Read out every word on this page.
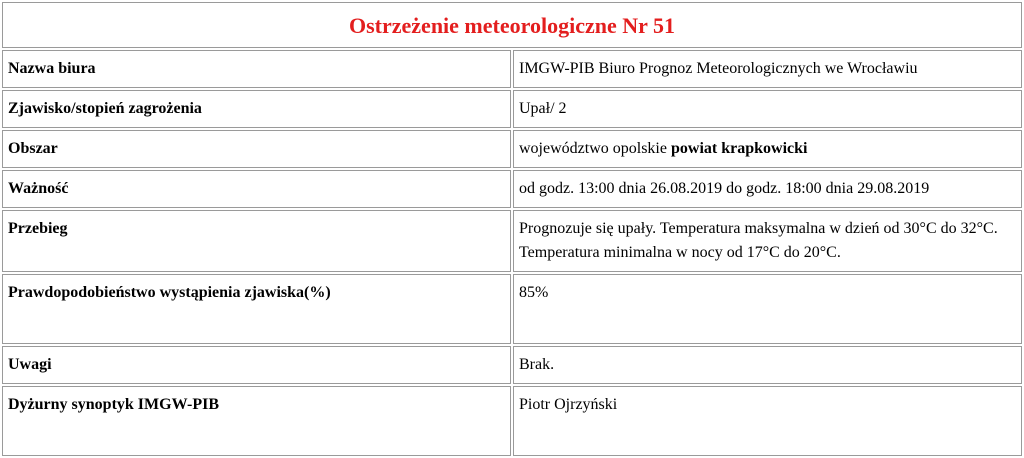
Ostrzeżenie meteorologiczne Nr 51	
Nazwa biura	IMGW-PIB Biuro Prognoz Meteorologicznych we Wrocławiu
Zjawisko/stopień zagrożenia	Upał/ 2
Obszar	województwo opolskie powiat krapkowicki
Ważność	od godz. 13:00 dnia 26.08.2019 do godz. 18:00 dnia 29.08.2019
Przebieg	Prognozuje się upały. Temperatura maksymalna w dzień od 30°C do 32°C. Temperatura minimalna w nocy od 17°C do 20°C.
Prawdopodobieństwo wystąpienia zjawiska(%)	85%
Uwagi	Brak.
Dyżurny synoptyk IMGW-PIB	Piotr Ojrzyński
